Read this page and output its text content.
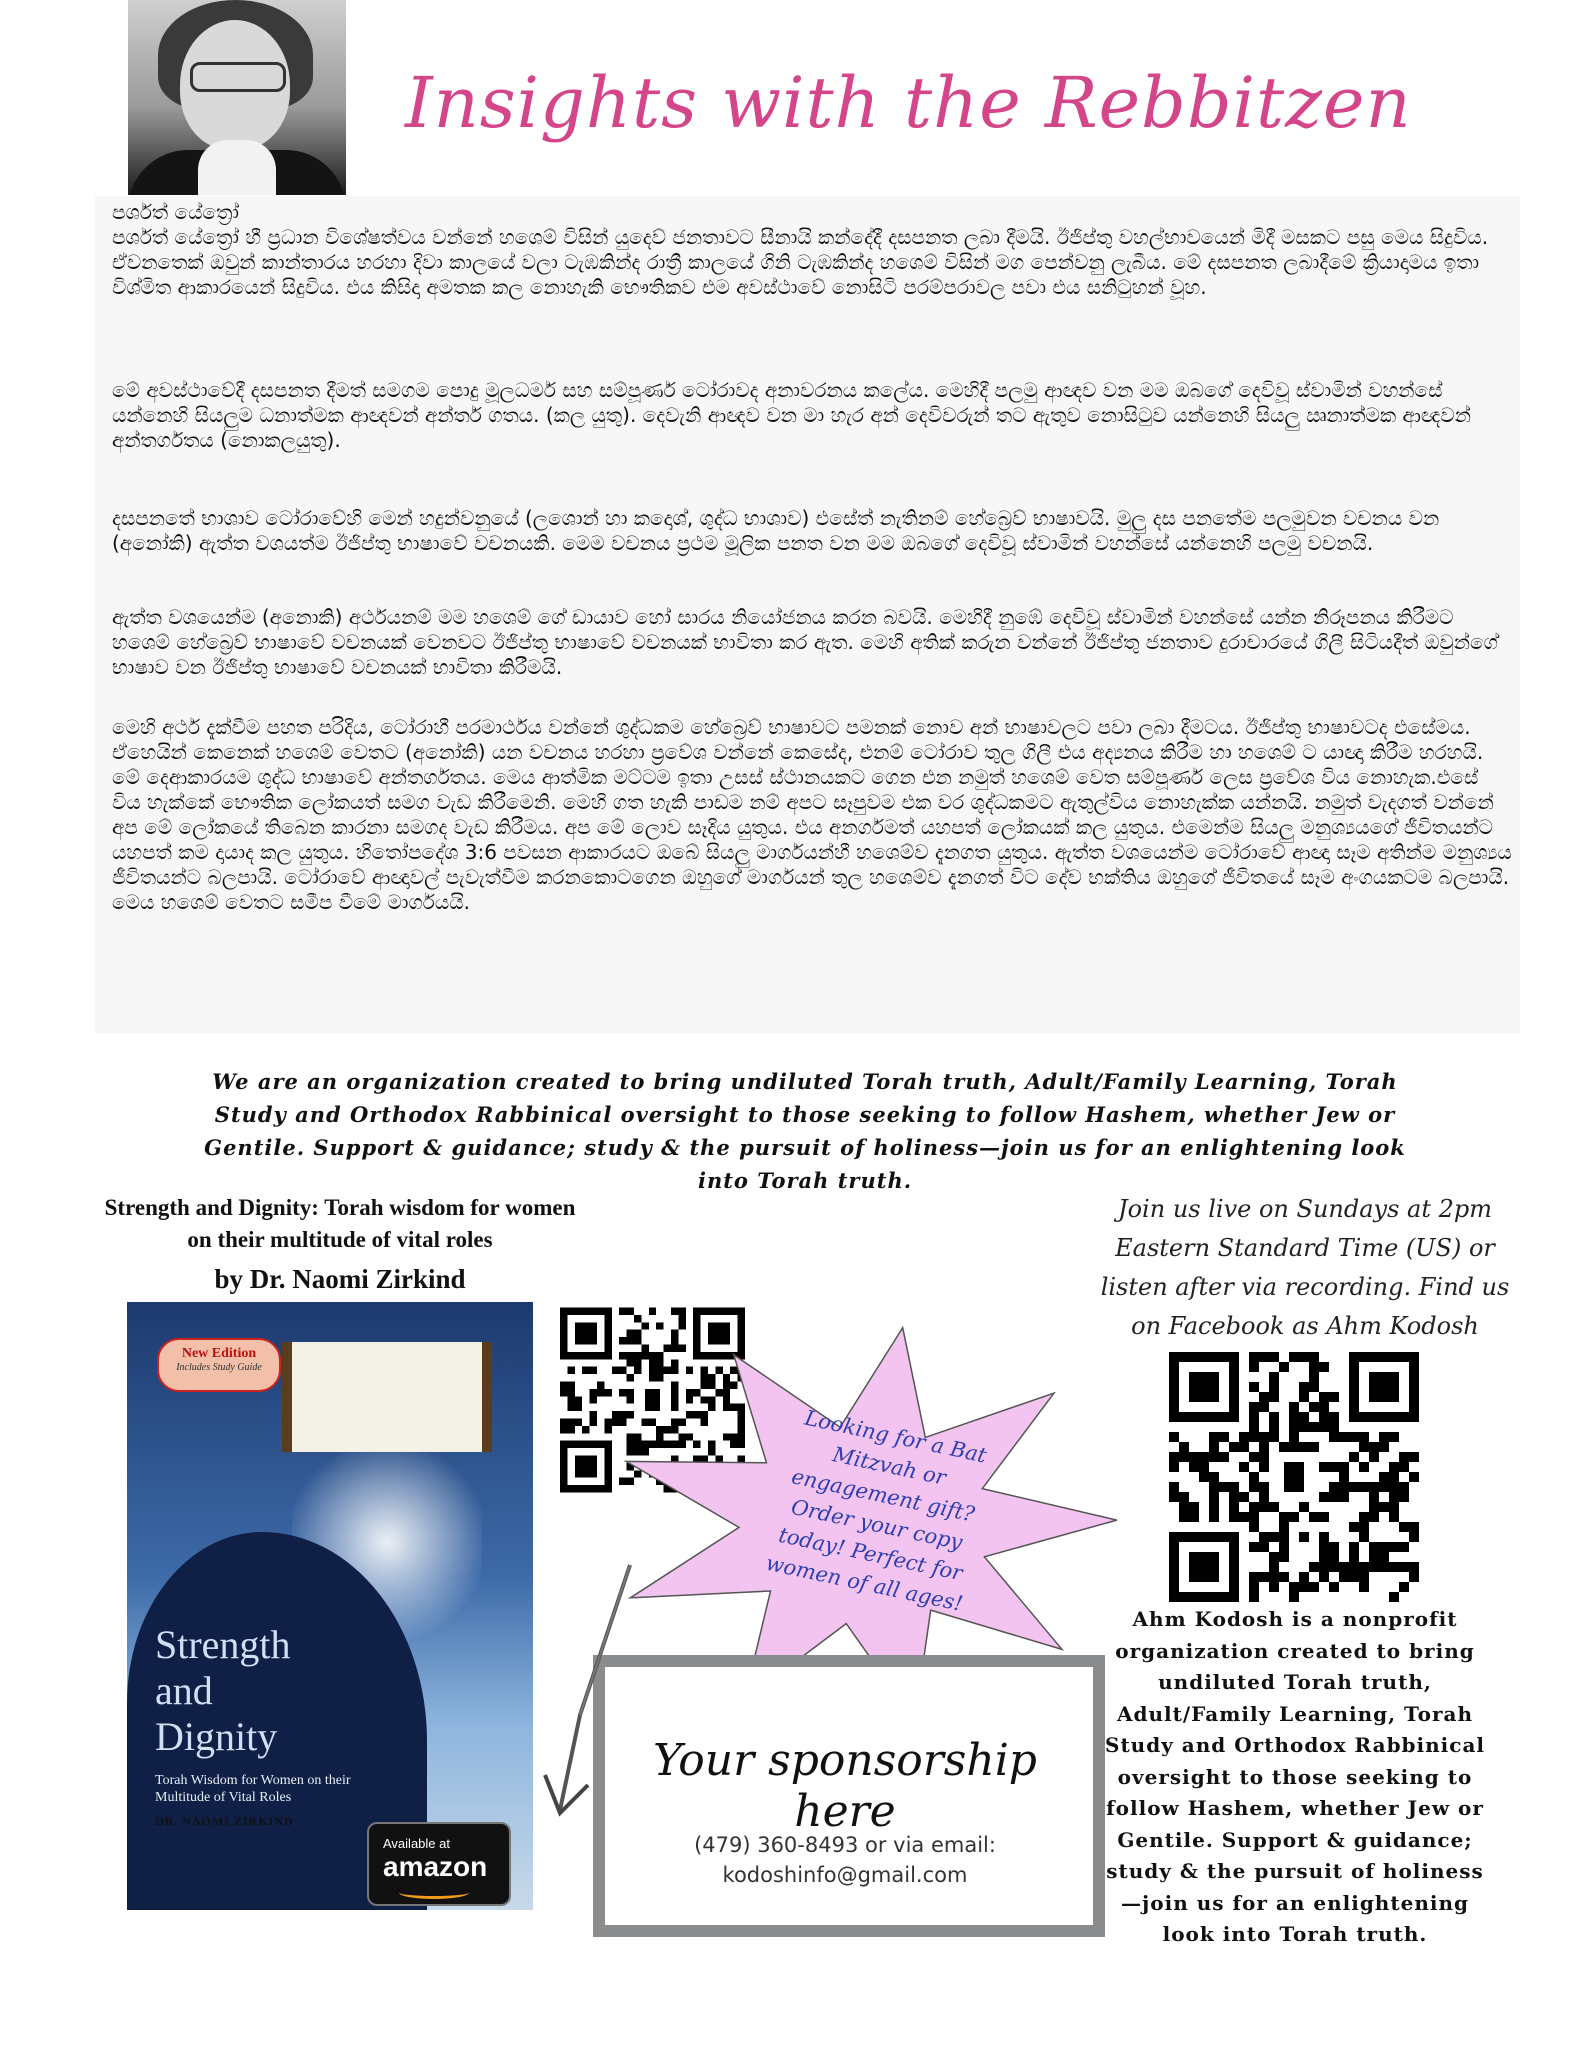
Insights with the Rebbitzen
පර්ශත් යේත්‍රෝ
පර්ශත් යේත්‍රෝ හී ප්‍රධාන විශේෂත්වය වන්නේ හශෙම් විසින් යුදෙව් ජනතාවට සීනායි කන්දේදී දසපනත ලබා දීමයි. ඊජිප්තු වහල්භාවයෙන් මිදී මසකට පසු මෙය සිදුවිය. ඒවනතෙක් ඔවුන් කාන්තාරය හරහා දිවා කාලයේ වලා ටැඹකින්ද රාත්‍රී කාලයේ ගිනි ටැඹකින්ද හශෙම් විසින් මග පෙන්වනු ලැබීය. මේ දසපනත ලබාදීමේ ක්‍රියාදාමය ඉතා විශ්මිත ආකාරයෙන් සිදුවිය. එය කිසිදා අමතක කල නොහැකි භෞතිකව එම අවස්ථාවේ නොසිටි පරම්පරාවල පවා එය සනිටුහන් වූහ.
මේ අවස්ථාවේදී දසපනත දීමත් සමගම පොදු මූලධර්ම සහ සම්පූර්ණ ටෝරාවද අනාවරනය කලේය. මෙහිදී පලමු ආඥව වන මම ඔබගේ දෙවිවූ ස්වාමින් වහන්සේ යන්නෙහි සියලුම ධනාත්මක ආඥවන් අන්තර් ගතය. (කල යුතු). දෙවැනි ආඥව වන මා හැර අන් දෙවිවරුන් තට ඇතුව නොසිටුව යන්නෙහි සියලු ඍනාත්මක ආඥවන් අන්තර්ගතය (නොකලයුතු).
දසපනතේ භාශාව ටෝරාවේහි මෙන් හදුන්වනුයේ (ලශොන් හා කදොශ්, ශුද්ධ භාශාව) එසේත් නැතිනම් හේබ්‍රෙව් භාෂාවයි. මුලු දස පනතේම පලමුවන වචනය වන (අනෝකි) ඇත්ත වශයත්ම ඊජිප්තු භාෂාවේ වචනයකි. මෙම වචනය ප්‍රථම මූලික පනත වන මම ඔබගේ දෙවිවූ ස්වාමින් වහන්සේ යන්නෙහි පලමු වචනයි.
ඇත්ත වශයෙන්ම (අනොකි) අර්ථයනම් මම හශෙම් ගේ ඩායාව හෝ සාරය නියෝජනය කරන බවයි. මෙහිදී නුඹේ දෙවිවූ ස්වාමින් වහන්සේ යන්න නිරූපනය කිරීමට හශෙම් හේබ්‍රෙව් භාෂාවේ වචනයක් වෙනවට ඊජිප්තු භාෂාවේ වචනයක් භාවිතා කර ඇත. මෙහි අතික් කරුන වන්නේ ඊජිප්තු ජනතාව දුරාචාරයේ ගිලී සිටියදීත් ඔවුන්ගේ භාෂාව වන ඊජිප්තු භාෂාවේ වචනයක් භාවිතා කිරීමයි.
මෙහි අර්ථ දැක්වීම පහත පරිදිය, ටෝරාහී පරමාර්ථය වන්නේ ශුද්ධකම හේබ්‍රෙව් භාෂාවට පමනක් නොව අන් භාෂාවලට පවා ලබා දීමටය. ඊජිප්තු භාෂාවටද එසේමය. ඒහෙයින් කෙනෙක් හශෙම් වෙතට (අනෝකි) යන වචනය හරහා ප්‍රවේශ වන්නේ කෙසේද, එනම් ටෝරාව තුල ගිලී එය අද්‍යනය කිරීම හා හශෙම් ට යාඥා කිරීම හරහයි. මේ දෙආකාරයම ශුද්ධ භාෂාවේ අන්තර්ගතය. මෙය ආත්මික මට්ටම ඉතා උසස් ස්ථානයකට ගෙන එන නමුත් හශෙම් වෙත සම්පූර්ණ ලෙස ප්‍රවේශ විය නොහැක.එසේ විය හැක්කේ භෞතික ලෝකයත් සමග වැඩ කිරීමෙනි. මෙහි ගත හැකි පාඩම නම් අපට සෑපුවම එක වර ශුද්ධකමට ඇතුල්විය නොහැක්ක යන්නයි. නමුත් වැදගත් වන්නේ අප මේ ලෝකයේ තිබෙන කාරනා සමගද වැඩ කිරීමය. අප මේ ලොව සෑදිය යුතුය. එය අනර්ගමත් යහපත් ලෝකයක් කල යුතුය. එමෙන්ම සියලු මනුශ්‍යයගේ ජීවිතයන්ට යහපත් කම දායාද කල යුතුය. හිතෝපදේශ 3:6 පවසන ආකාරයට ඔබේ සියලු මාර්ගයන්හී හශෙම්ව දැනගත යුතුය. ඇත්ත වශයෙන්ම ටෝරාවේ ආඥා සෑම අතින්ම මනුශ්‍යය ජීවිතයන්ට බලපායි. ටෝරාවේ ආඥාවල් පැවැත්වීම කරනකොටගෙන ඔහුගේ මාර්ගයන් තුල හශෙම්ව දැනගත් විට දේව භක්තිය ඔහුගේ ජීවිතයේ සෑම අංගයකටම බලපායි. මෙය හශෙම් වෙතට සමීප වීමේ මාර්ගයයි.
We are an organization created to bring undiluted Torah truth, Adult/Family Learning, Torah Study and Orthodox Rabbinical oversight to those seeking to follow Hashem, whether Jew or Gentile. Support & guidance; study & the pursuit of holiness—join us for an enlightening look into Torah truth.
Strength and Dignity: Torah wisdom for women on their multitude of vital roles
by Dr. Naomi Zirkind
New Edition
Includes Study Guide
Strength
and
Dignity
Torah Wisdom for Women on their Multitude of Vital Roles
DR. NAOMI ZIRKIND
Available at
amazon
Looking for a Bat Mitzvah or engagement gift? Order your copy today! Perfect for women of all ages!
Your sponsorship here
(479) 360-8493 or via email:
kodoshinfo@gmail.com
Join us live on Sundays at 2pm Eastern Standard Time (US) or listen after via recording. Find us on Facebook as Ahm Kodosh
Ahm Kodosh is a nonprofit organization created to bring undiluted Torah truth, Adult/Family Learning, Torah Study and Orthodox Rabbinical oversight to those seeking to follow Hashem, whether Jew or Gentile. Support & guidance; study & the pursuit of holiness —join us for an enlightening look into Torah truth.
